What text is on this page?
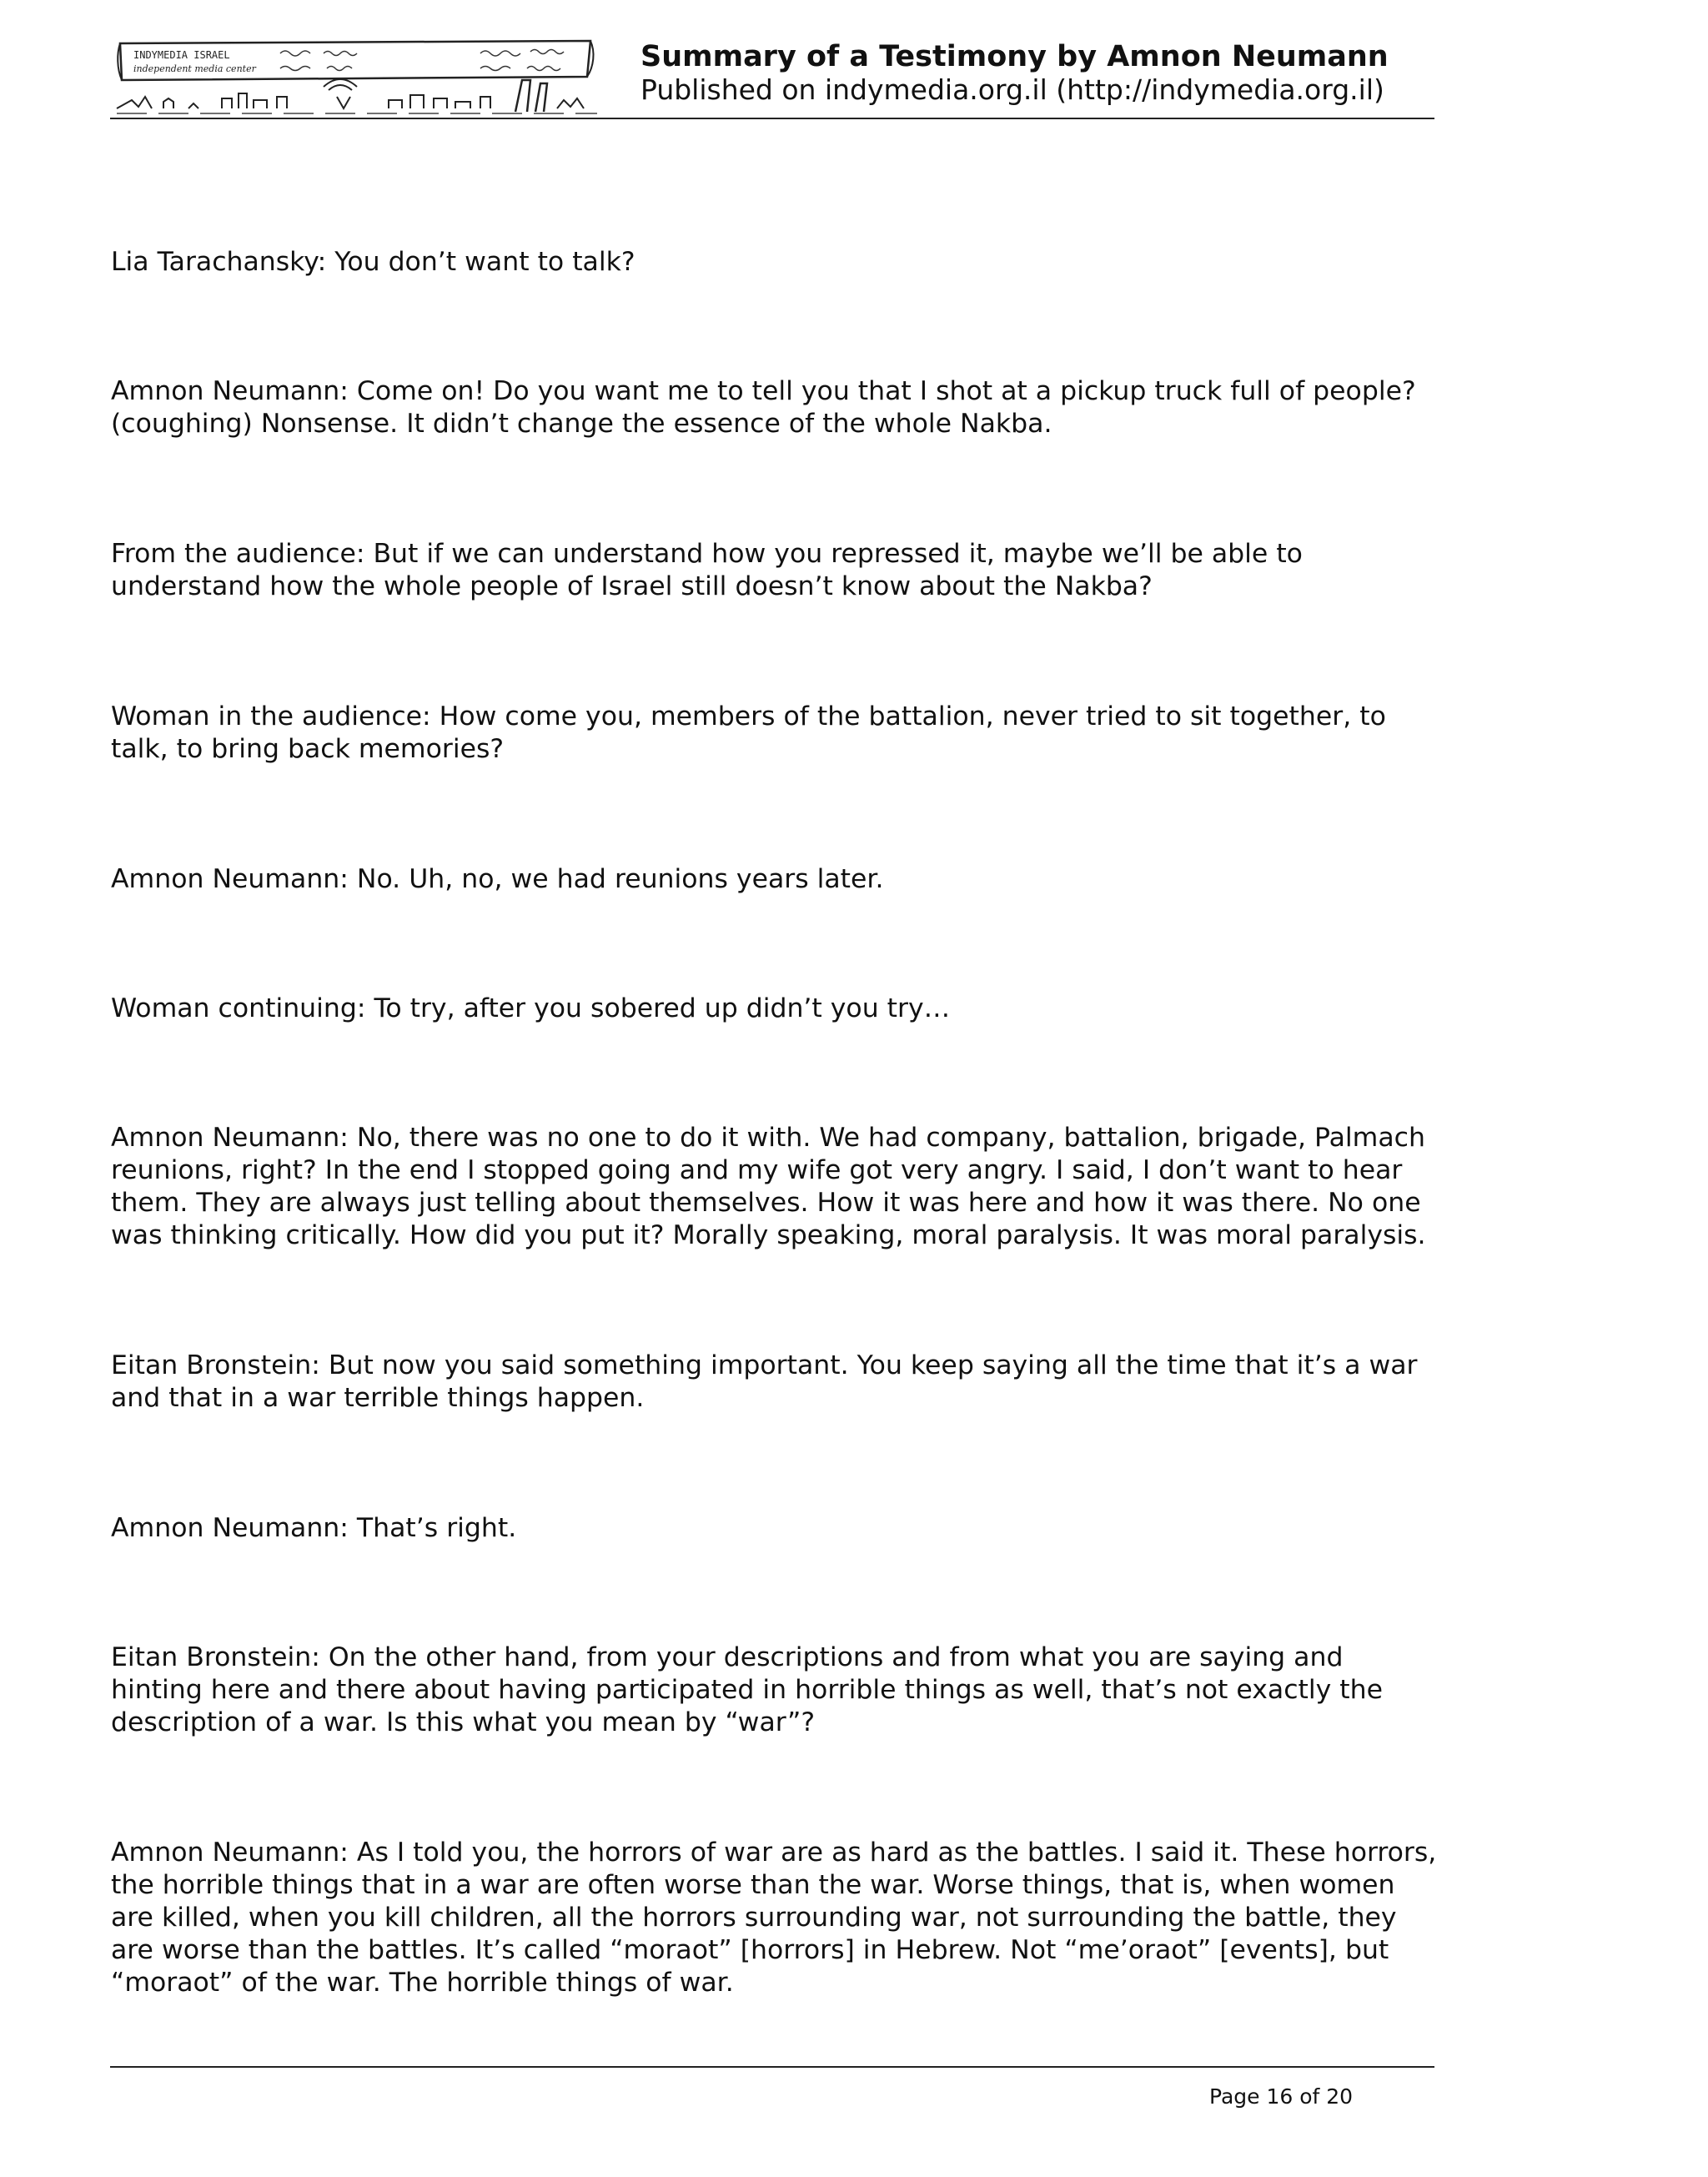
INDYMEDIA ISRAEL
independent media center	Summary of a Testimony by Amnon Neumann
Published on indymedia.org.il (http://indymedia.org.il)

Lia Tarachansky: You don’t want to talk?

Amnon Neumann: Come on! Do you want me to tell you that I shot at a pickup truck full of people? (coughing) Nonsense. It didn’t change the essence of the whole Nakba.

From the audience: But if we can understand how you repressed it, maybe we’ll be able to understand how the whole people of Israel still doesn’t know about the Nakba?

Woman in the audience: How come you, members of the battalion, never tried to sit together, to talk, to bring back memories?

Amnon Neumann: No. Uh, no, we had reunions years later.

Woman continuing: To try, after you sobered up didn’t you try…

Amnon Neumann: No, there was no one to do it with. We had company, battalion, brigade, Palmach reunions, right? In the end I stopped going and my wife got very angry. I said, I don’t want to hear them. They are always just telling about themselves. How it was here and how it was there. No one was thinking critically. How did you put it? Morally speaking, moral paralysis. It was moral paralysis.

Eitan Bronstein: But now you said something important. You keep saying all the time that it’s a war and that in a war terrible things happen.

Amnon Neumann: That’s right.

Eitan Bronstein: On the other hand, from your descriptions and from what you are saying and hinting here and there about having participated in horrible things as well, that’s not exactly the description of a war. Is this what you mean by “war”?

Amnon Neumann: As I told you, the horrors of war are as hard as the battles. I said it. These horrors, the horrible things that in a war are often worse than the war. Worse things, that is, when women are killed, when you kill children, all the horrors surrounding war, not surrounding the battle, they are worse than the battles. It’s called “moraot” [horrors] in Hebrew. Not “me’oraot” [events], but “moraot” of the war. The horrible things of war.

Page 16 of 20
